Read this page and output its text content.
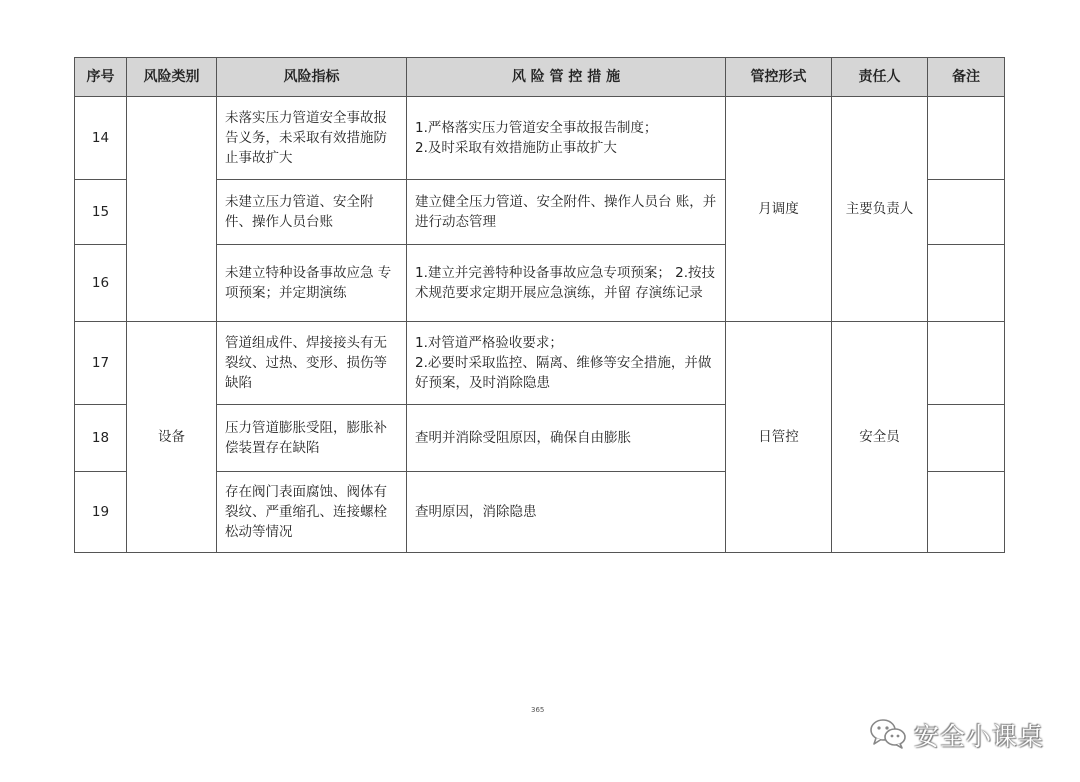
序号	风险类别	风险指标	风 险 管 控 措 施	管控形式	责任人	备注
14		未落实压力管道安全事故报告义务，未采取有效措施防止事故扩大	1.严格落实压力管道安全事故报告制度；
2.及时采取有效措施防止事故扩大	月调度	主要负责人	
15		未建立压力管道、安全附件、操作人员台账	建立健全压力管道、安全附件、操作人员台 账，并进行动态管理			
16		未建立特种设备事故应急 专项预案；并定期演练	1.建立并完善特种设备事故应急专项预案； 2.按技术规范要求定期开展应急演练，并留 存演练记录			
17	设备	管道组成件、焊接接头有无裂纹、过热、变形、损伤等缺陷	1.对管道严格验收要求；
2.必要时采取监控、隔离、维修等安全措施，并做好预案，及时消除隐患	日管控	安全员	
18		压力管道膨胀受阻，膨胀补偿装置存在缺陷	查明并消除受阻原因，确保自由膨胀			
19		存在阀门表面腐蚀、阀体有裂纹、严重缩孔、连接螺栓松动等情况	查明原因，消除隐患			
365
安全小课桌
